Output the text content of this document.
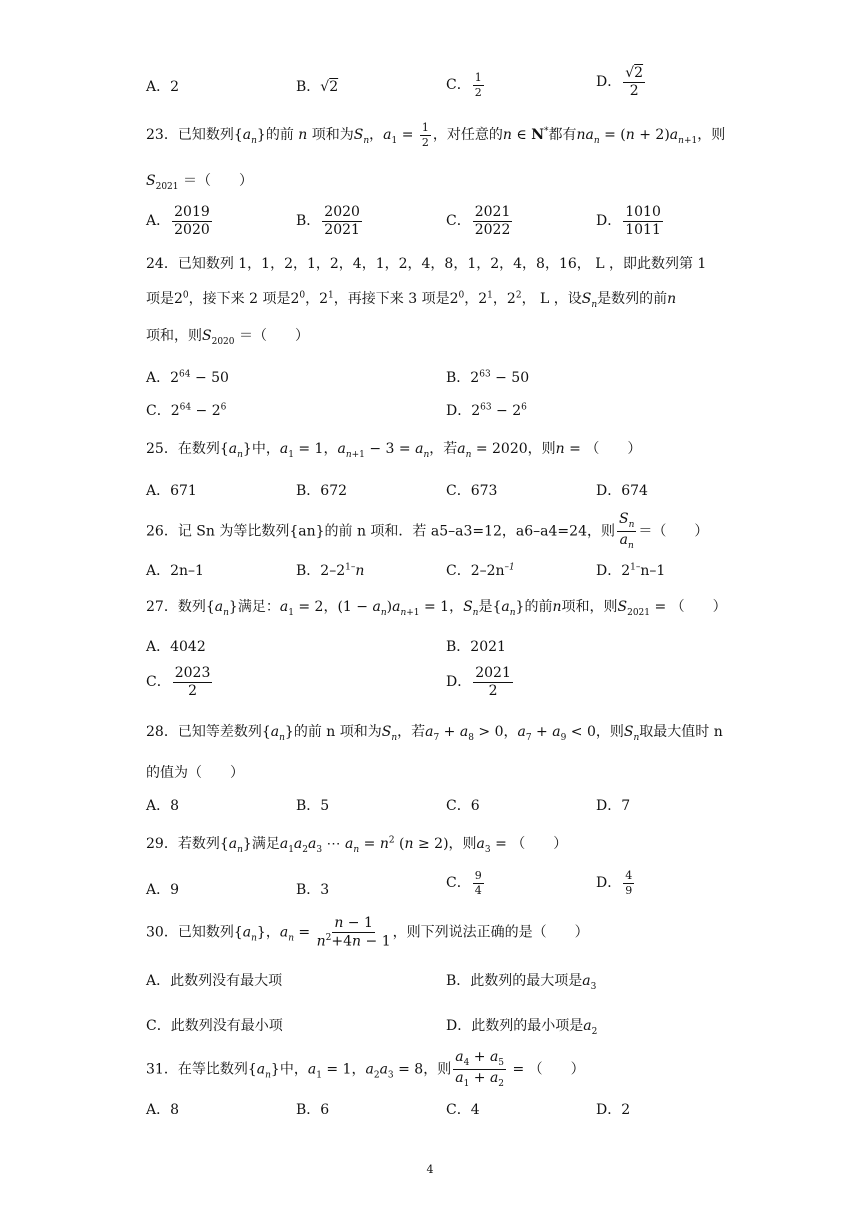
A．2	B．√2	C． $\frac{1}{2}$	D． $\frac{√2}{2}$
23．已知数列$\{a_n\}$的前 n 项和为$S_n$，$a_1 = \frac{1}{2}$ ，对任意的n ∈ N*都有$na_n = (n + 2)a_{n+1}$，则
$S_{2021}$ ＝（　　）
A． $\frac{2019}{2020}$	B． $\frac{2020}{2021}$	C． $\frac{2021}{2022}$	D． $\frac{1010}{1011}$
24．已知数列 1，1，2，1，2，4，1，2，4，8，1，2，4，8，16， L ，即此数列第 1
项是$2^0$，接下来 2 项是$2^0$，$2^1$，再接下来 3 项是$2^0$，$2^1$，$2^2$， L ，设$S_n$是数列的前n
项和，则$S_{2020}$ ＝（　　）
A．$2^{64} - 50$	B．$2^{63} - 50$
C．$2^{64} - 2^6$	D．$2^{63} - 2^6$
25．在数列$\{a_n\}$中，$a_1 = 1$，$a_{n+1} - 3 = a_n$，若$a_n = 2020$，则n = （　　）
A．671	B．672	C．673	D．674
26．记 Sn 为等比数列{an}的前 n 项和．若 a5–a3=12，a6–a4=24，则 $\frac{S_n}{a_n}$ ＝（　　）
A．2n–1	B．$2-2^{1-}n$	C．$2-2n^{-1}$	D．$2^{1-}n-1$
27．数列$\{a_n\}$满足：$a_1 = 2$，$(1 - a_n)a_{n+1} = 1$，$S_n$是$\{a_n\}$的前n项和，则$S_{2021}$ = （　　）
A．4042	B．2021
C． $\frac{2023}{2}$	D． $\frac{2021}{2}$
28．已知等差数列$\{a_n\}$的前 n 项和为$S_n$，若$a_7 + a_8 > 0$，$a_7 + a_9 < 0$，则$S_n$取最大值时 n
的值为（　　）
A．8	B．5	C．6	D．7
29．若数列$\{a_n\}$满足$a_1a_2a_3$ ⋯ $a_n = n^2$ (n ≥ 2)，则$a_3$ = （　　）
A．9	B．3	C． $\frac{9}{4}$	D． $\frac{4}{9}$
30．已知数列$\{a_n\}$，$a_n = \frac{n - 1}{n^2+4n - 1}$ ，则下列说法正确的是（　　）
A．此数列没有最大项	B．此数列的最大项是$a_3$
C．此数列没有最小项	D．此数列的最小项是$a_2$
31．在等比数列$\{a_n\}$中，$a_1 = 1$，$a_2a_3 = 8$，则 $\frac{a_4 + a_5}{a_1 + a_2}$ = （　　）
A．8	B．6	C．4	D．2
4
